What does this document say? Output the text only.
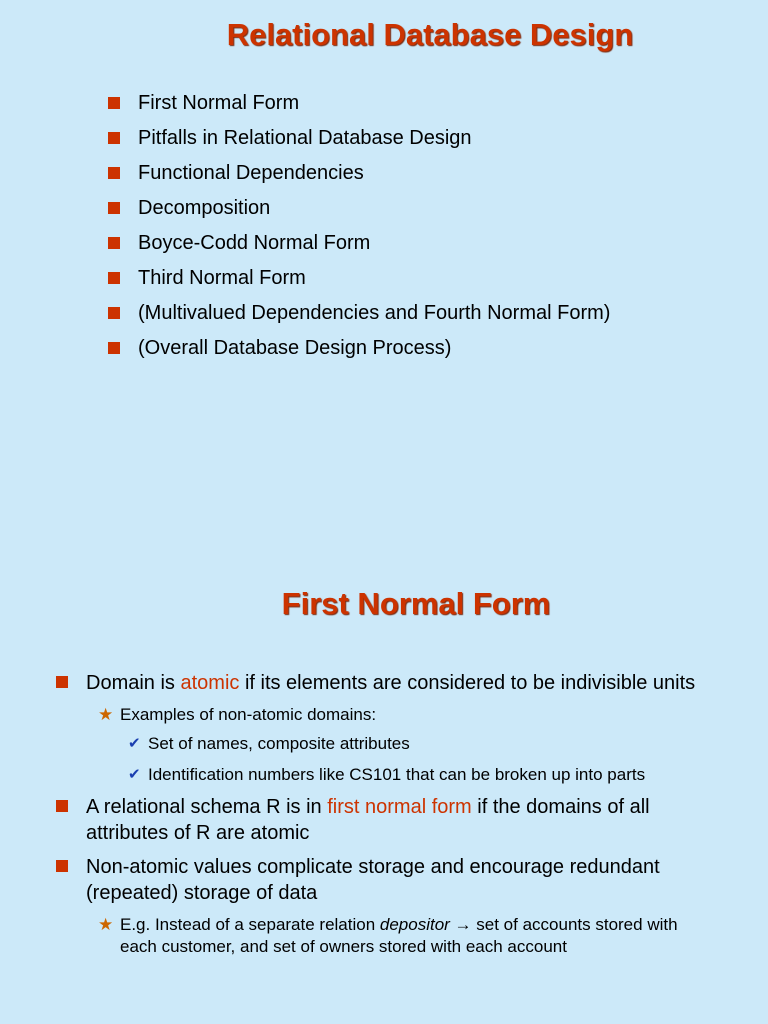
Relational Database Design
First Normal Form
Pitfalls in Relational Database Design
Functional Dependencies
Decomposition
Boyce-Codd Normal Form
Third Normal Form
(Multivalued Dependencies and Fourth Normal Form)
(Overall Database Design Process)
First Normal Form
Domain is atomic if its elements are considered to be indivisible units
★ Examples of non-atomic domains:
✔ Set of names, composite attributes
✔ Identification numbers like CS101 that can be broken up into parts
A relational schema R is in first normal form if the domains of all attributes of R are atomic
Non-atomic values complicate storage and encourage redundant (repeated) storage of data
★ E.g. Instead of a separate relation depositor → set of accounts stored with each customer, and set of owners stored with each account
